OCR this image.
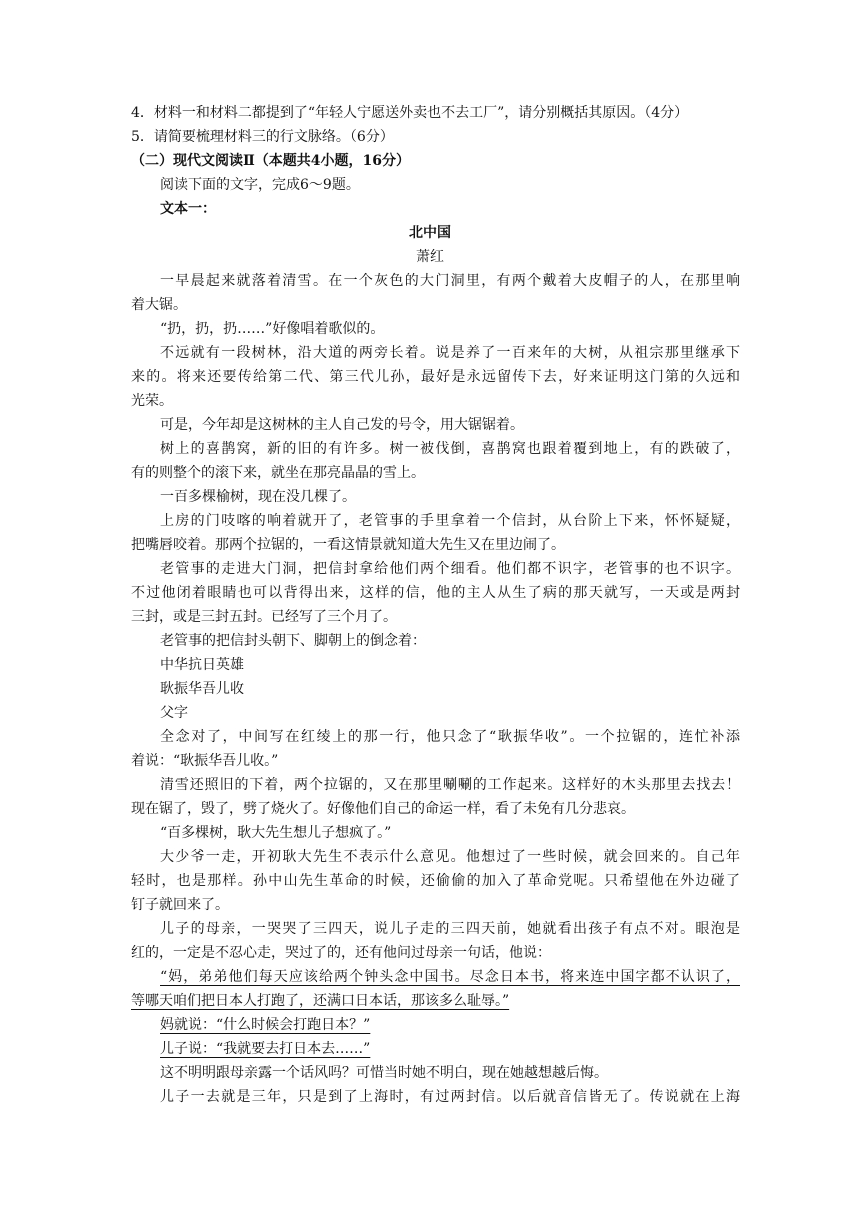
4．材料一和材料二都提到了“年轻人宁愿送外卖也不去工厂”，请分别概括其原因。（4分）
5．请简要梳理材料三的行文脉络。（6分）
（二）现代文阅读Ⅱ（本题共4小题，16分）
阅读下面的文字，完成6～9题。
文本一：
北中国
萧红
一早晨起来就落着清雪。在一个灰色的大门洞里，有两个戴着大皮帽子的人，在那里响
着大锯。
“扔，扔，扔……”好像唱着歌似的。
不远就有一段树林，沿大道的两旁长着。说是养了一百来年的大树，从祖宗那里继承下
来的。将来还要传给第二代、第三代儿孙，最好是永远留传下去，好来证明这门第的久远和
光荣。
可是，今年却是这树林的主人自己发的号令，用大锯锯着。
树上的喜鹊窝，新的旧的有许多。树一被伐倒，喜鹊窝也跟着覆到地上，有的跌破了，
有的则整个的滚下来，就坐在那亮晶晶的雪上。
一百多棵榆树，现在没几棵了。
上房的门吱喀的响着就开了，老管事的手里拿着一个信封，从台阶上下来，怀怀疑疑，
把嘴唇咬着。那两个拉锯的，一看这情景就知道大先生又在里边闹了。
老管事的走进大门洞，把信封拿给他们两个细看。他们都不识字，老管事的也不识字。
不过他闭着眼睛也可以背得出来，这样的信，他的主人从生了病的那天就写，一天或是两封
三封，或是三封五封。已经写了三个月了。
老管事的把信封头朝下、脚朝上的倒念着：
中华抗日英雄
耿振华吾儿收
父字
全念对了，中间写在红绫上的那一行，他只念了“耿振华收”。一个拉锯的，连忙补添
着说：“耿振华吾儿收。”
清雪还照旧的下着，两个拉锯的，又在那里唰唰的工作起来。这样好的木头那里去找去！
现在锯了，毁了，劈了烧火了。好像他们自己的命运一样，看了未免有几分悲哀。
“百多棵树，耿大先生想儿子想疯了。”
大少爷一走，开初耿大先生不表示什么意见。他想过了一些时候，就会回来的。自己年
轻时，也是那样。孙中山先生革命的时候，还偷偷的加入了革命党呢。只希望他在外边碰了
钉子就回来了。
儿子的母亲，一哭哭了三四天，说儿子走的三四天前，她就看出孩子有点不对。眼泡是
红的，一定是不忍心走，哭过了的，还有他问过母亲一句话，他说：
“妈，弟弟他们每天应该给两个钟头念中国书。尽念日本书，将来连中国字都不认识了，
等哪天咱们把日本人打跑了，还满口日本话，那该多么耻辱。”
妈就说：“什么时候会打跑日本？”
儿子说：“我就要去打日本去……”
这不明明跟母亲露一个话风吗？可惜当时她不明白，现在她越想越后悔。
儿子一去就是三年，只是到了上海时，有过两封信。以后就音信皆无了。传说就在上海
